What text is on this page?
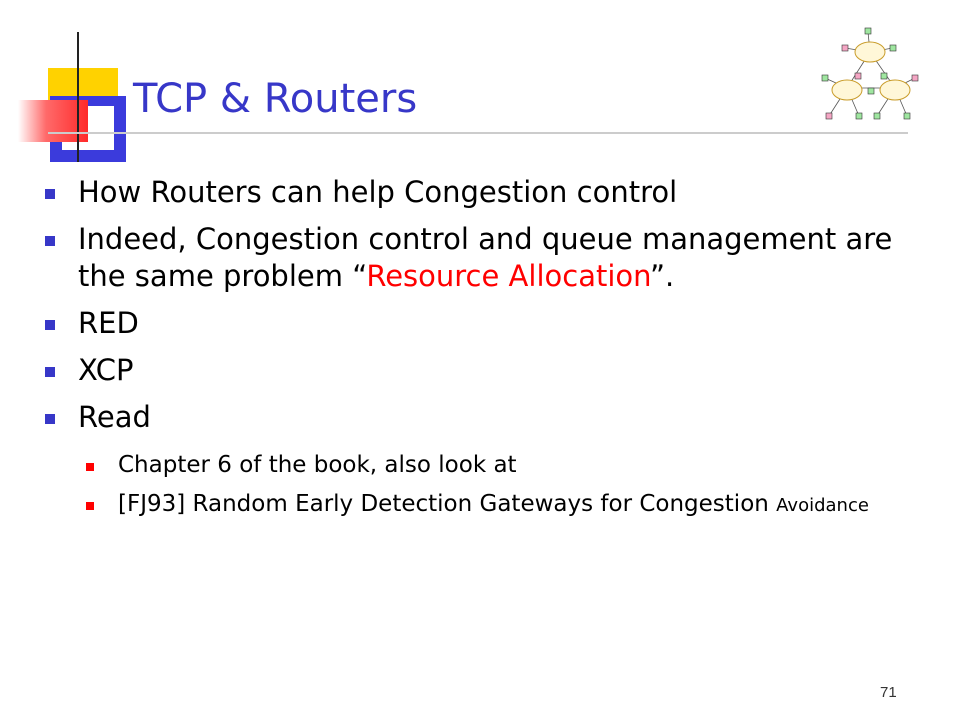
TCP & Routers
How Routers can help Congestion control
Indeed, Congestion control and queue management are the same problem “Resource Allocation”.
RED
XCP
Read
Chapter 6 of the book, also look at
[FJ93] Random Early Detection Gateways for Congestion Avoidance
71
